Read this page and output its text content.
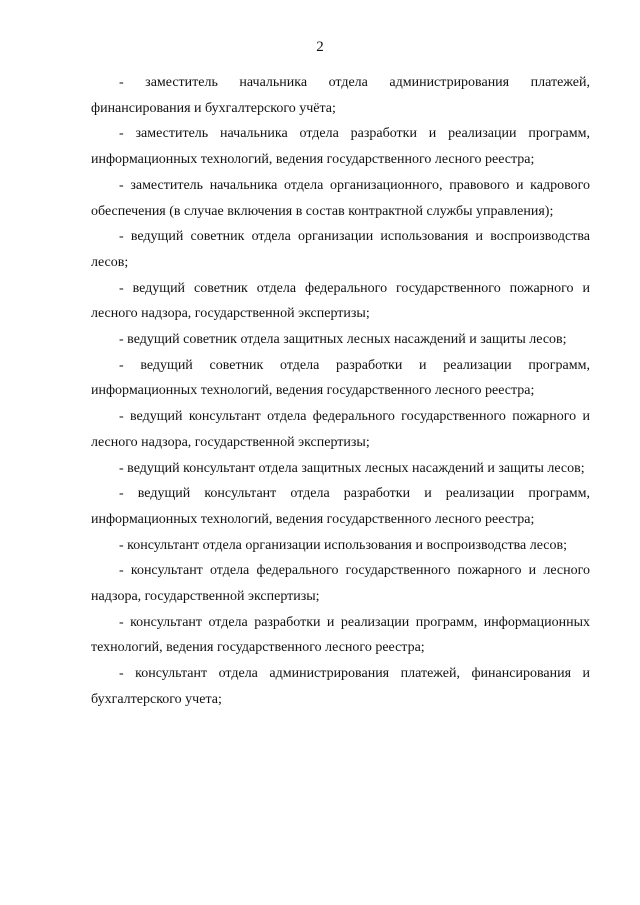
2

- заместитель начальника отдела администрирования платежей, финансирования и бухгалтерского учёта;

- заместитель начальника отдела разработки и реализации программ, информационных технологий, ведения государственного лесного реестра;

- заместитель начальника отдела организационного, правового и кадрового обеспечения (в случае включения в состав контрактной службы управления);

- ведущий советник отдела организации использования и воспроизводства лесов;

- ведущий советник отдела федерального государственного пожарного и лесного надзора, государственной экспертизы;

- ведущий советник отдела защитных лесных насаждений и защиты лесов;

- ведущий советник отдела разработки и реализации программ, информационных технологий, ведения государственного лесного реестра;

- ведущий консультант отдела федерального государственного пожарного и лесного надзора, государственной экспертизы;

- ведущий консультант отдела защитных лесных насаждений и защиты лесов;

- ведущий консультант отдела разработки и реализации программ, информационных технологий, ведения государственного лесного реестра;

- консультант отдела организации использования и воспроизводства лесов;

- консультант отдела федерального государственного пожарного и лесного надзора, государственной экспертизы;

- консультант отдела разработки и реализации программ, информационных технологий, ведения государственного лесного реестра;

- консультант отдела администрирования платежей, финансирования и бухгалтерского учета;
